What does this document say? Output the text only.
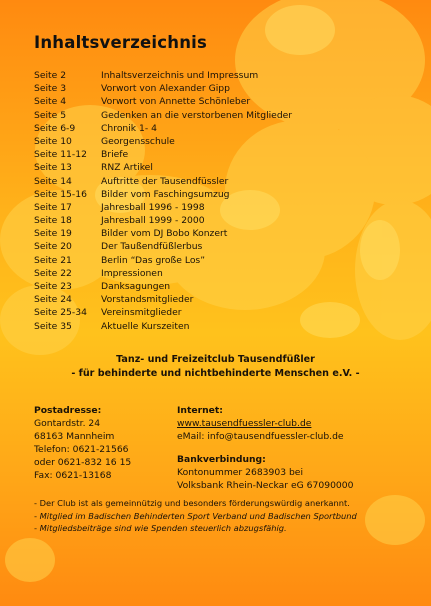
Inhaltsverzeichnis
Seite 2	Inhaltsverzeichnis und Impressum
Seite 3	Vorwort von Alexander Gipp
Seite 4	Vorwort von Annette Schönleber
Seite 5	Gedenken an die verstorbenen Mitglieder
Seite 6-9	Chronik 1- 4
Seite 10	Georgensschule
Seite 11-12	Briefe
Seite 13	RNZ Artikel
Seite 14	Auftritte der Tausendfüssler
Seite 15-16	Bilder vom Faschingsumzug
Seite 17	Jahresball 1996 - 1998
Seite 18	Jahresball 1999 - 2000
Seite 19	Bilder vom DJ Bobo Konzert
Seite 20	Der Taußendfüßlerbus
Seite 21	Berlin “Das große Los”
Seite 22	Impressionen
Seite 23	Danksagungen
Seite 24	Vorstandsmitglieder
Seite 25-34	Vereinsmitglieder
Seite 35	Aktuelle Kurszeiten
Tanz- und Freizeitclub Tausendfüßler
- für behinderte und nichtbehinderte Menschen e.V. -
Postadresse:
Gontardstr. 24
68163 Mannheim
Telefon: 0621-21566
oder 0621-832 16 15
Fax: 0621-13168
Internet:
www.tausendfuessler-club.de
eMail: info@tausendfuessler-club.de
Bankverbindung:
Kontonummer 2683903 bei
Volksbank Rhein-Neckar eG 67090000
- Der Club ist als gemeinnützig und besonders förderungswürdig anerkannt.
- Mitglied im Badischen Behinderten Sport Verband und Badischen Sportbund
- Mitgliedsbeiträge sind wie Spenden steuerlich abzugsfähig.
